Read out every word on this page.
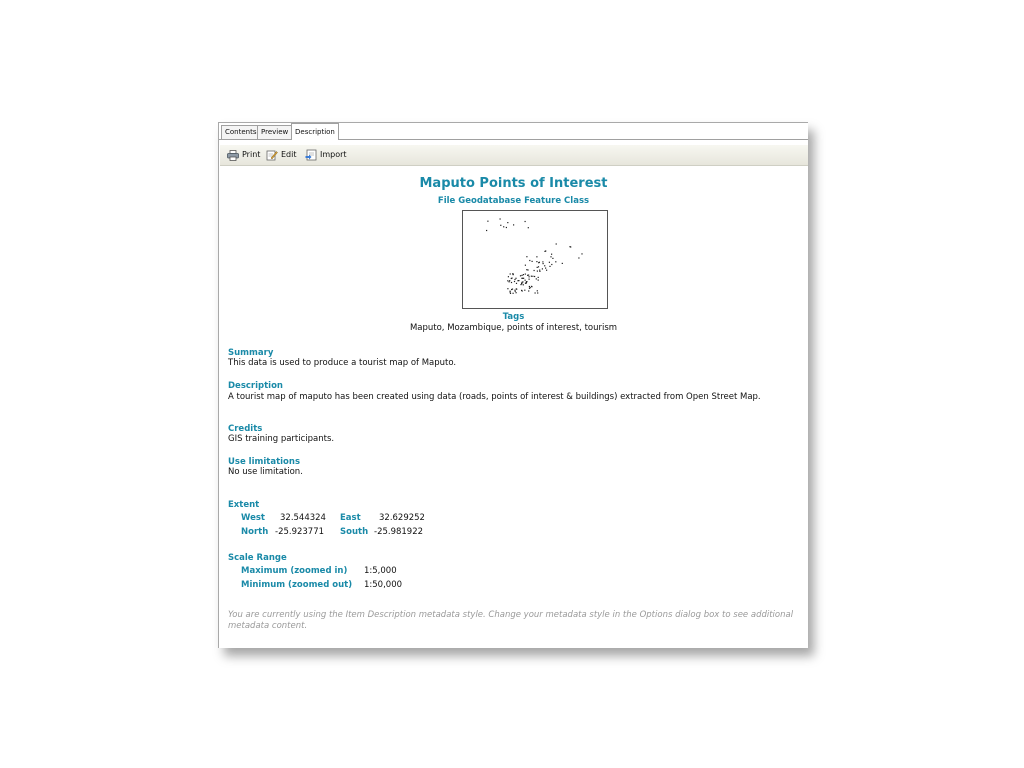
Contents Preview Description
Print	Edit	Import
Maputo Points of Interest
File Geodatabase Feature Class
Tags
Maputo, Mozambique, points of interest, tourism
Summary
This data is used to produce a tourist map of Maputo.
Description
A tourist map of maputo has been created using data (roads, points of interest & buildings) extracted from Open Street Map.
Credits
GIS training participants.
Use limitations
No use limitation.
Extent
West 32.544324 East 32.629252
North -25.923771 South -25.981922
Scale Range
Maximum (zoomed in) 1:5,000
Minimum (zoomed out) 1:50,000
You are currently using the Item Description metadata style. Change your metadata style in the Options dialog box to see additional metadata content.
